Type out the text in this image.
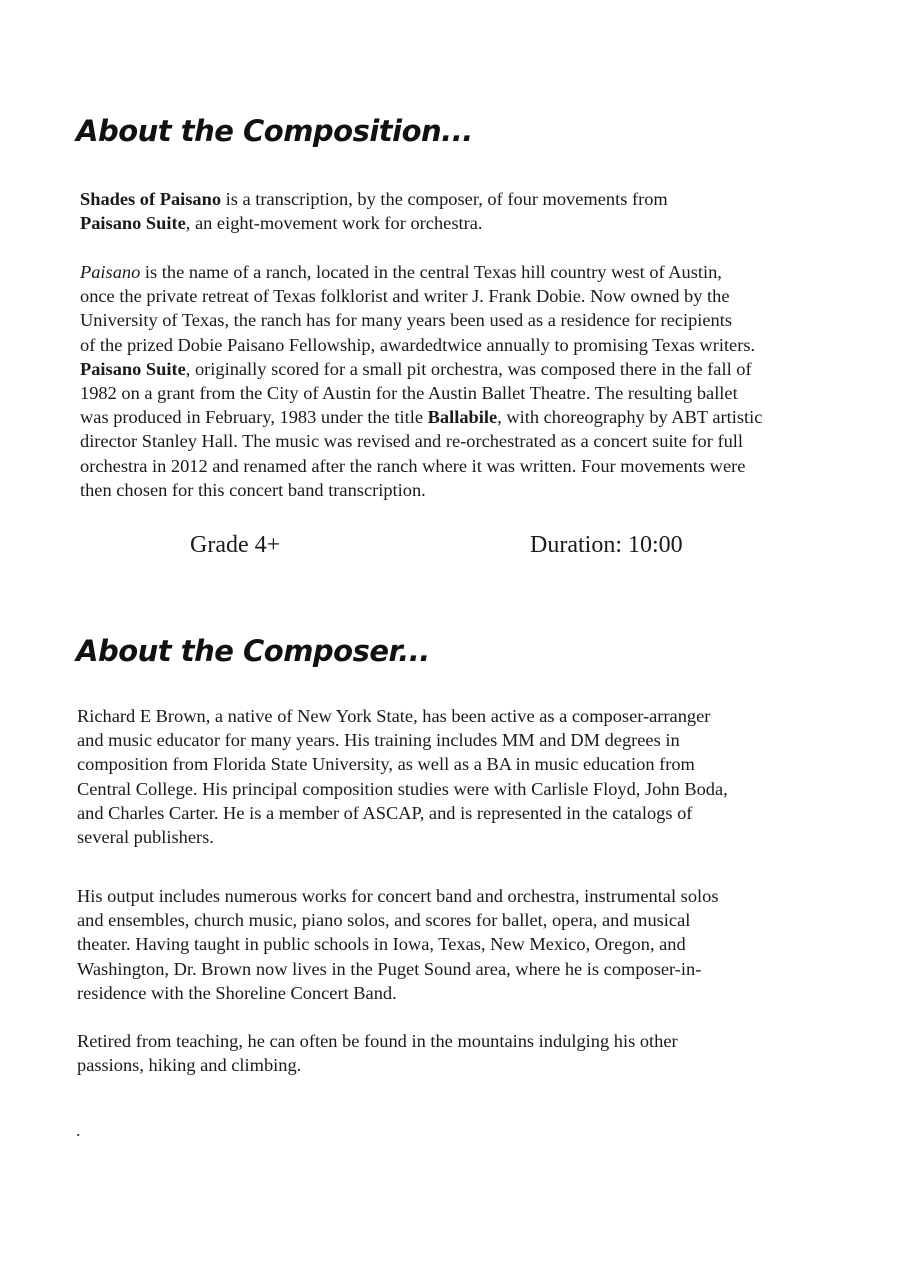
About the Composition...
Shades of Paisano is a transcription, by the composer, of four movements from
Paisano Suite, an eight-movement work for orchestra.
Paisano is the name of a ranch, located in the central Texas hill country west of Austin,
once the private retreat of Texas folklorist and writer J. Frank Dobie. Now owned by the
University of Texas, the ranch has for many years been used as a residence for recipients
of the prized Dobie Paisano Fellowship, awardedtwice annually to promising Texas writers.
Paisano Suite, originally scored for a small pit orchestra, was composed there in the fall of
1982 on a grant from the City of Austin for the Austin Ballet Theatre. The resulting ballet
was produced in February, 1983 under the title Ballabile, with choreography by ABT artistic
director Stanley Hall. The music was revised and re-orchestrated as a concert suite for full
orchestra in 2012 and renamed after the ranch where it was written. Four movements were
then chosen for this concert band transcription.
Grade 4+	Duration: 10:00
About the Composer...
Richard E Brown, a native of New York State, has been active as a composer-arranger
and music educator for many years. His training includes MM and DM degrees in
composition from Florida State University, as well as a BA in music education from
Central College. His principal composition studies were with Carlisle Floyd, John Boda,
and Charles Carter. He is a member of ASCAP, and is represented in the catalogs of
several publishers.
His output includes numerous works for concert band and orchestra, instrumental solos
and ensembles, church music, piano solos, and scores for ballet, opera, and musical
theater. Having taught in public schools in Iowa, Texas, New Mexico, Oregon, and
Washington, Dr. Brown now lives in the Puget Sound area, where he is composer-in-
residence with the Shoreline Concert Band.
Retired from teaching, he can often be found in the mountains indulging his other
passions, hiking and climbing.
.
